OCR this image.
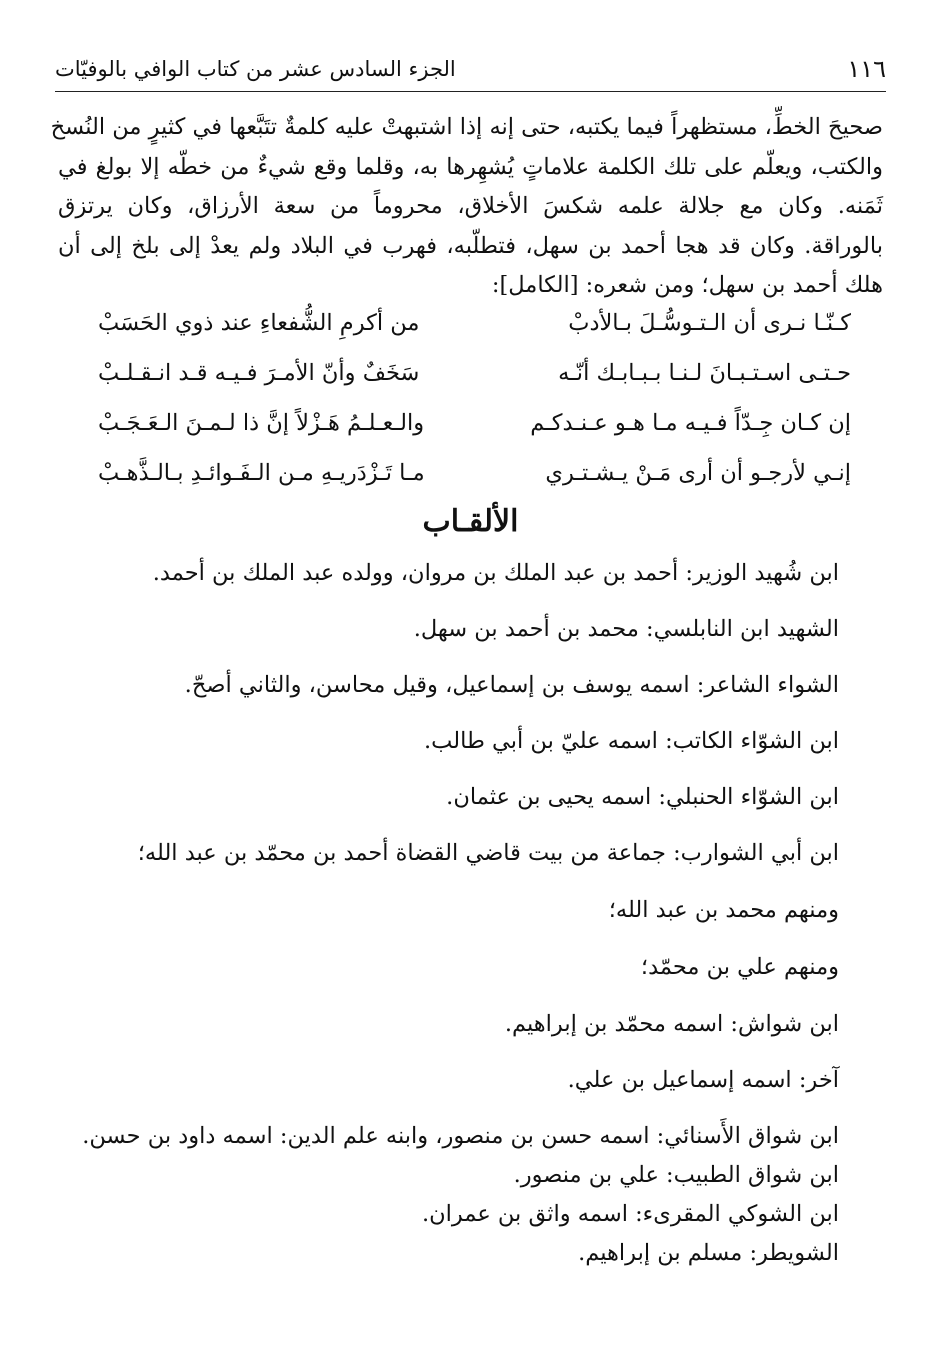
١١٦
الجزء السادس عشر من كتاب الوافي بالوفيّات

صحيحَ الخطِّ، مستظهراً فيما يكتبه، حتى إنه إذا اشتبهتْ عليه كلمةٌ تتَبَّعها في كثيرٍ من النُسخ

والكتب، ويعلّم على تلك الكلمة علاماتٍ يُشهِرها به، وقلما وقع شيءٌ من خطّه إلا بولغ في

ثَمَنه. وكان مع جلالة علمه شكسَ الأخلاق، محروماً من سعة الأرزاق، وكان يرتزق

بالوراقة. وكان قد هجا أحمد بن سهل، فتطلّبه، فهرب في البلاد ولم يعدْ إلى بلخ إلى أن

هلك أحمد بن سهل؛ ومن شعره: [الكامل]:

كـنّـا نـرى أن الـتـوسُّـلَ بـالأدبْ
من أكرمِ الشُّفعاءِ عند ذوي الحَسَبْ
حـتـى اسـتـبـانَ لـنـا بـبـابـك أنّـه
سَخَفٌ وأنّ الأمـرَ فـيـه قـد انـقـلـبْ
إن كـان جِـدّاً فـيـه مـا هـو عـنـدكـم
والـعـلـمُ هَـزْلاً إنَّ ذا لـمـنَ الـعَـجَـبْ
إنـي لأرجـو أن أرى مَـنْ يـشـتـري
مـا تَـزْدَريـهِ مـن الـفَـوائـدِ بـالـذَّهـبْ
الألقـاب
ابن شُهيد الوزير: أحمد بن عبد الملك بن مروان، وولده عبد الملك بن أحمد.
الشهيد ابن النابلسي: محمد بن أحمد بن سهل.
الشواء الشاعر: اسمه يوسف بن إسماعيل، وقيل محاسن، والثاني أصحّ.
ابن الشوّاء الكاتب: اسمه عليّ بن أبي طالب.
ابن الشوّاء الحنبلي: اسمه يحيى بن عثمان.
ابن أبي الشوارب: جماعة من بيت قاضي القضاة أحمد بن محمّد بن عبد الله؛
ومنهم محمد بن عبد الله؛
ومنهم علي بن محمّد؛
ابن شواش: اسمه محمّد بن إبراهيم.
آخر: اسمه إسماعيل بن علي.
ابن شواق الأَسنائي: اسمه حسن بن منصور، وابنه علم الدين: اسمه داود بن حسن.
ابن شواق الطبيب: علي بن منصور.
ابن الشوكي المقرىء: اسمه واثق بن عمران.
الشويطر: مسلم بن إبراهيم.
